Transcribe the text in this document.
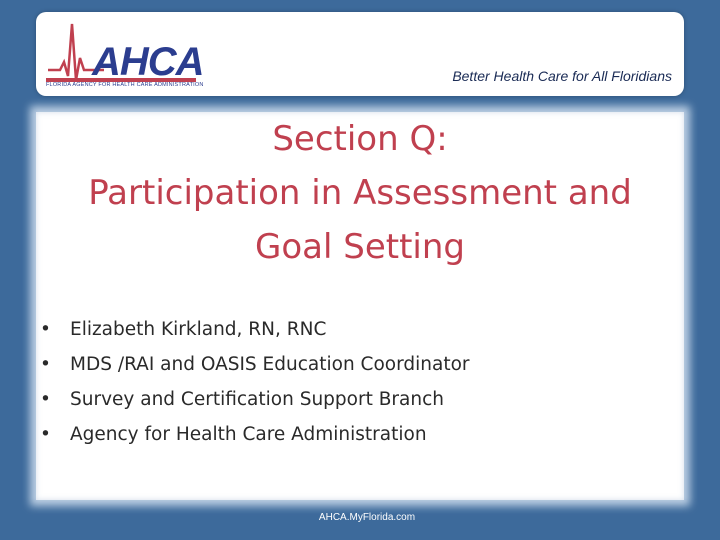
AHCA
FLORIDA AGENCY FOR HEALTH CARE ADMINISTRATION
Better Health Care for All Floridians
Section Q:
Participation in Assessment and
Goal Setting
• Elizabeth Kirkland, RN, RNC
• MDS /RAI and OASIS Education Coordinator
• Survey and Certification Support Branch
• Agency for Health Care Administration
AHCA.MyFlorida.com
